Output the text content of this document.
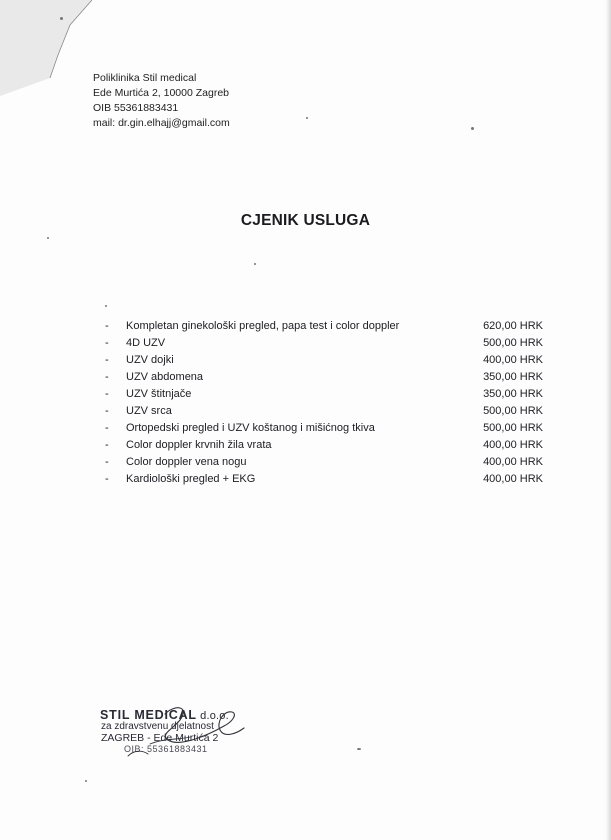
Poliklinika Stil medical
Ede Murtića 2, 10000 Zagreb
OIB 55361883431
mail: dr.gin.elhajj@gmail.com
CJENIK USLUGA
- Kompletan ginekološki pregled, papa test i color doppler	620,00 HRK
- 4D UZV	500,00 HRK
- UZV dojki	400,00 HRK
- UZV abdomena	350,00 HRK
- UZV štitnjače	350,00 HRK
- UZV srca	500,00 HRK
- Ortopedski pregled i UZV koštanog i mišićnog tkiva	500,00 HRK
- Color doppler krvnih žila vrata	400,00 HRK
- Color doppler vena nogu	400,00 HRK
- Kardiološki pregled + EKG	400,00 HRK
STIL MEDICAL d.o.o.
za zdravstvenu djelatnost
ZAGREB - Ede Murtića 2
OIB: 55361883431
